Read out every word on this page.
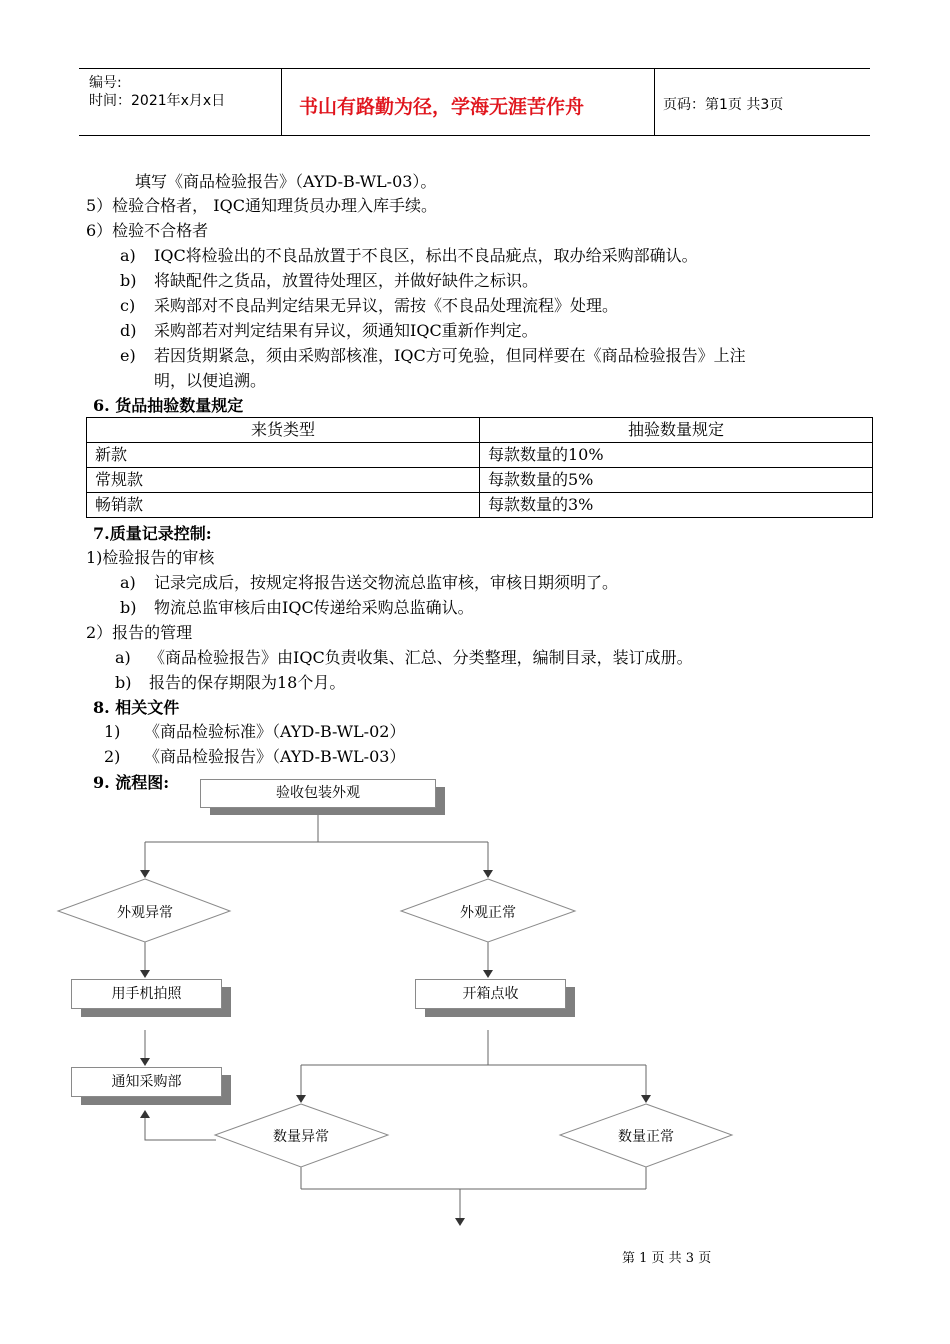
编号:
时间：2021年x月x日	书山有路勤为径，学海无涯苦作舟	页码：第1页 共3页
填写《商品检验报告》（AYD-B-WL-03）。
5）检验合格者， IQC通知理货员办理入库手续。
6）检验不合格者
a) IQC将检验出的不良品放置于不良区，标出不良品疵点，取办给采购部确认。
b) 将缺配件之货品，放置待处理区，并做好缺件之标识。
c) 采购部对不良品判定结果无异议，需按《不良品处理流程》处理。
d) 采购部若对判定结果有异议，须通知IQC重新作判定。
e) 若因货期紧急，须由采购部核准，IQC方可免验，但同样要在《商品检验报告》上注
明，以便追溯。
6. 货品抽验数量规定
来货类型	抽验数量规定
新款	每款数量的10%
常规款	每款数量的5%
畅销款	每款数量的3%
7.质量记录控制:
1)检验报告的审核
a) 记录完成后，按规定将报告送交物流总监审核，审核日期须明了。
b) 物流总监审核后由IQC传递给采购总监确认。
2）报告的管理
a) 《商品检验报告》由IQC负责收集、汇总、分类整理，编制目录，装订成册。
b) 报告的保存期限为18个月。
8. 相关文件
1) 《商品检验标准》（AYD-B-WL-02）
2) 《商品检验报告》（AYD-B-WL-03）
9. 流程图:
验收包装外观
外观异常	外观正常
用手机拍照	开箱点收
通知采购部
数量异常	数量正常
第 1 页 共 3 页
